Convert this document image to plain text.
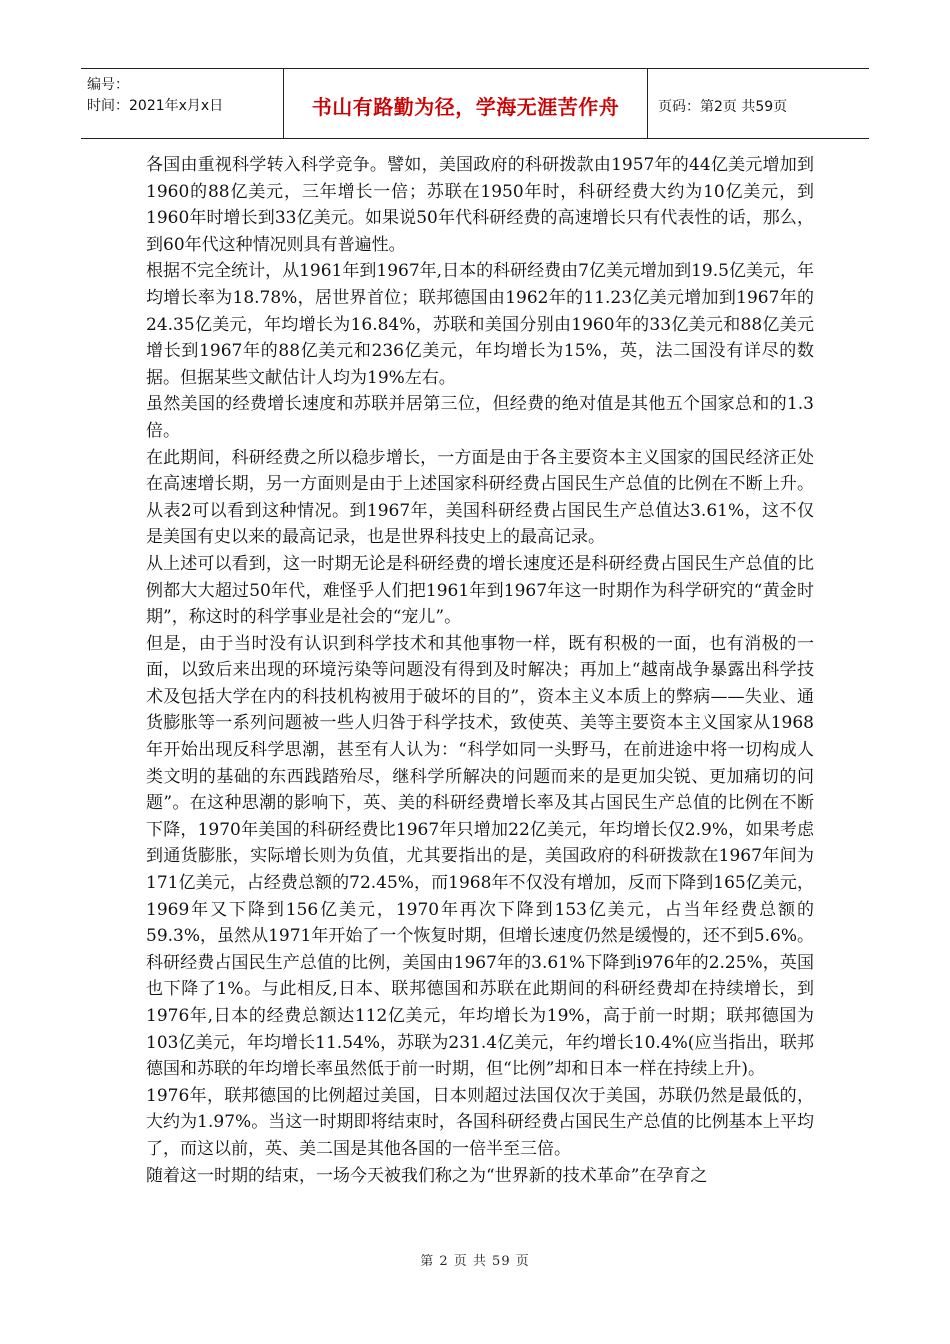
编号：
时间：2021年x月x日	书山有路勤为径，学海无涯苦作舟	页码：第2页 共59页

各国由重视科学转入科学竞争。譬如，美国政府的科研拨款由1957年的44亿美元增加到1960的88亿美元，三年增长一倍；苏联在1950年时，科研经费大约为10亿美元，到1960年时增长到33亿美元。如果说50年代科研经费的高速增长只有代表性的话，那么，到60年代这种情况则具有普遍性。

根据不完全统计，从1961年到1967年,日本的科研经费由7亿美元增加到19.5亿美元，年均增长率为18.78%，居世界首位；联邦德国由1962年的11.23亿美元增加到1967年的24.35亿美元，年均增长为16.84%，苏联和美国分别由1960年的33亿美元和88亿美元增长到1967年的88亿美元和236亿美元，年均增长为15%，英，法二国没有详尽的数据。但据某些文献估计人均为19%左右。

虽然美国的经费增长速度和苏联并居第三位，但经费的绝对值是其他五个国家总和的1.3倍。

在此期间，科研经费之所以稳步增长，一方面是由于各主要资本主义国家的国民经济正处在高速增长期，另一方面则是由于上述国家科研经费占国民生产总值的比例在不断上升。从表2可以看到这种情况。到1967年，美国科研经费占国民生产总值达3.61%，这不仅是美国有史以来的最高记录，也是世界科技史上的最高记录。

从上述可以看到，这一时期无论是科研经费的增长速度还是科研经费占国民生产总值的比例都大大超过50年代，难怪乎人们把1961年到1967年这一时期作为科学研究的“黄金时期”，称这时的科学事业是社会的“宠儿”。

但是，由于当时没有认识到科学技术和其他事物一样，既有积极的一面，也有消极的一面，以致后来出现的环境污染等问题没有得到及时解决；再加上“越南战争暴露出科学技术及包括大学在内的科技机构被用于破坏的目的”，资本主义本质上的弊病——失业、通货膨胀等一系列问题被一些人归咎于科学技术，致使英、美等主要资本主义国家从1968年开始出现反科学思潮，甚至有人认为：“科学如同一头野马，在前进途中将一切构成人类文明的基础的东西践踏殆尽，继科学所解决的问题而来的是更加尖锐、更加痛切的问题”。在这种思潮的影响下，英、美的科研经费增长率及其占国民生产总值的比例在不断下降，1970年美国的科研经费比1967年只增加22亿美元，年均增长仅2.9%，如果考虑到通货膨胀，实际增长则为负值，尤其要指出的是，美国政府的科研拨款在1967年间为171亿美元，占经费总额的72.45%，而1968年不仅没有增加，反而下降到165亿美元，1969年又下降到156亿美元，1970年再次下降到153亿美元，占当年经费总额的59.3%，虽然从1971年开始了一个恢复时期，但增长速度仍然是缓慢的，还不到5.6%。科研经费占国民生产总值的比例，美国由1967年的3.61%下降到i976年的2.25%，英国也下降了1%。与此相反,日本、联邦德国和苏联在此期间的科研经费却在持续增长，到1976年,日本的经费总额达112亿美元，年均增长为19%，高于前一时期；联邦德国为103亿美元，年均增长11.54%，苏联为231.4亿美元，年约增长10.4%(应当指出，联邦德国和苏联的年均增长率虽然低于前一时期，但“比例”却和日本一样在持续上升)。

1976年，联邦德国的比例超过美国，日本则超过法国仅次于美国，苏联仍然是最低的，大约为1.97%。当这一时期即将结束时，各国科研经费占国民生产总值的比例基本上平均了，而这以前，英、美二国是其他各国的一倍半至三倍。

随着这一时期的结束，一场今天被我们称之为“世界新的技术革命”在孕育之

第 2 页 共 59 页
